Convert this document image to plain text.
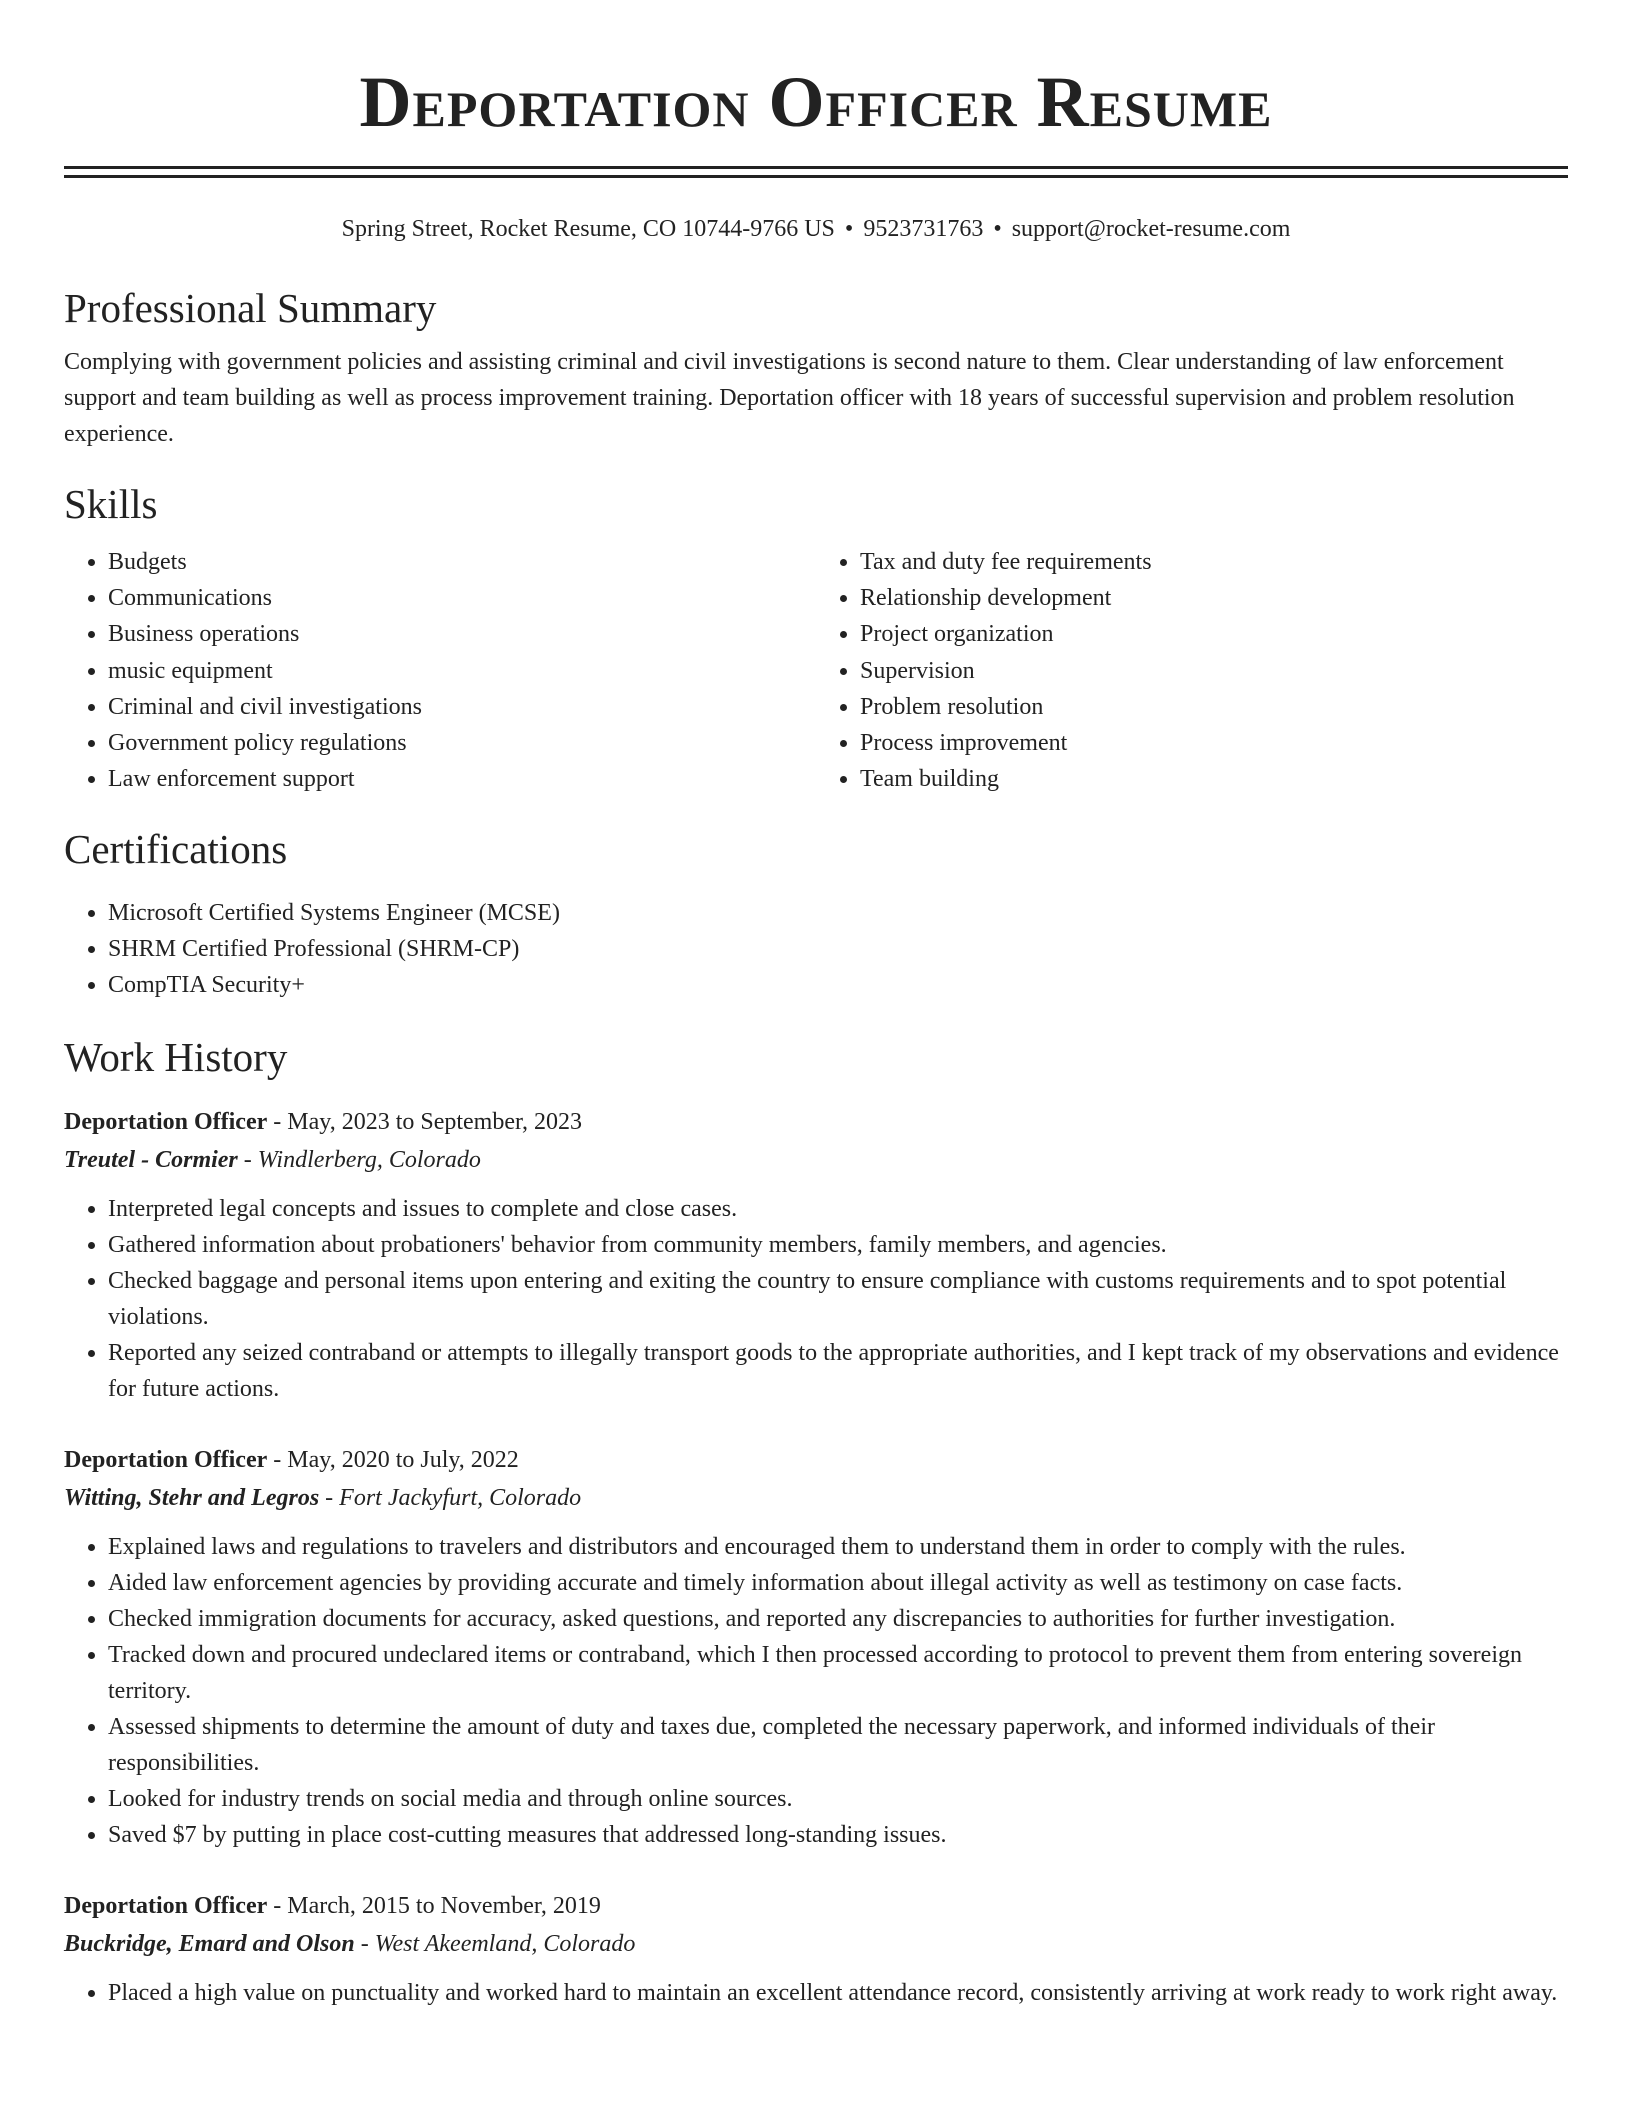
Deportation Officer Resume
Spring Street, Rocket Resume, CO 10744-9766 US • 9523731763 • support@rocket-resume.com
Professional Summary
Complying with government policies and assisting criminal and civil investigations is second nature to them. Clear understanding of law enforcement support and team building as well as process improvement training. Deportation officer with 18 years of successful supervision and problem resolution experience.
Skills
• Budgets
• Communications
• Business operations
• music equipment
• Criminal and civil investigations
• Government policy regulations
• Law enforcement support
• Tax and duty fee requirements
• Relationship development
• Project organization
• Supervision
• Problem resolution
• Process improvement
• Team building
Certifications
• Microsoft Certified Systems Engineer (MCSE)
• SHRM Certified Professional (SHRM-CP)
• CompTIA Security+
Work History
Deportation Officer - May, 2023 to September, 2023
Treutel - Cormier - Windlerberg, Colorado
• Interpreted legal concepts and issues to complete and close cases.
• Gathered information about probationers' behavior from community members, family members, and agencies.
• Checked baggage and personal items upon entering and exiting the country to ensure compliance with customs requirements and to spot potential violations.
• Reported any seized contraband or attempts to illegally transport goods to the appropriate authorities, and I kept track of my observations and evidence for future actions.
Deportation Officer - May, 2020 to July, 2022
Witting, Stehr and Legros - Fort Jackyfurt, Colorado
• Explained laws and regulations to travelers and distributors and encouraged them to understand them in order to comply with the rules.
• Aided law enforcement agencies by providing accurate and timely information about illegal activity as well as testimony on case facts.
• Checked immigration documents for accuracy, asked questions, and reported any discrepancies to authorities for further investigation.
• Tracked down and procured undeclared items or contraband, which I then processed according to protocol to prevent them from entering sovereign territory.
• Assessed shipments to determine the amount of duty and taxes due, completed the necessary paperwork, and informed individuals of their responsibilities.
• Looked for industry trends on social media and through online sources.
• Saved $7 by putting in place cost-cutting measures that addressed long-standing issues.
Deportation Officer - March, 2015 to November, 2019
Buckridge, Emard and Olson - West Akeemland, Colorado
• Placed a high value on punctuality and worked hard to maintain an excellent attendance record, consistently arriving at work ready to work right away.
